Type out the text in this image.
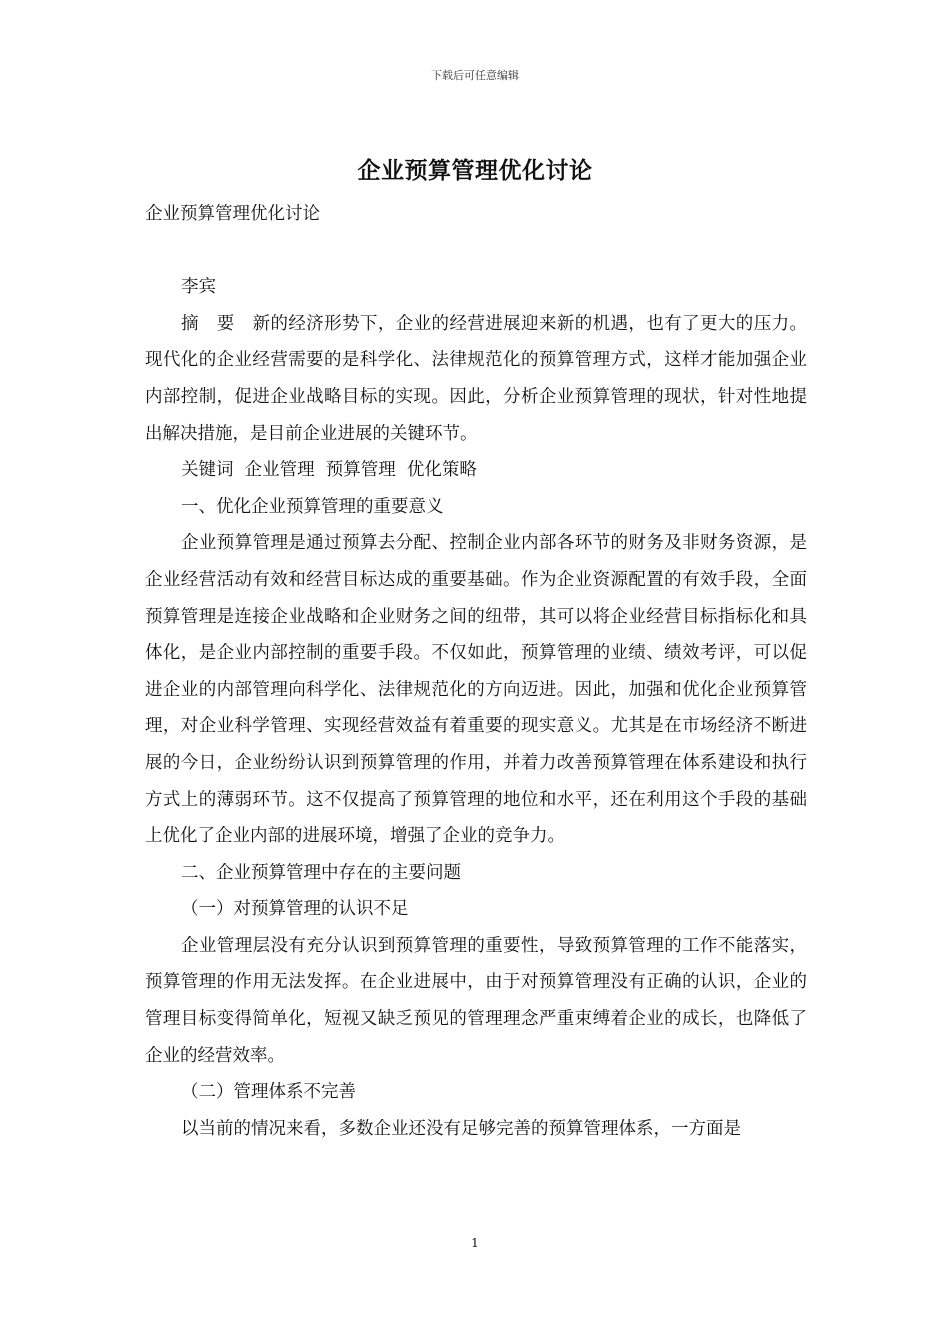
下载后可任意编辑
企业预算管理优化讨论

企业预算管理优化讨论

李宾

摘　要　新的经济形势下，企业的经营进展迎来新的机遇，也有了更大的压力。现代化的企业经营需要的是科学化、法律规范化的预算管理方式，这样才能加强企业内部控制，促进企业战略目标的实现。因此，分析企业预算管理的现状，针对性地提出解决措施，是目前企业进展的关键环节。

关键词  企业管理  预算管理  优化策略

一、优化企业预算管理的重要意义

企业预算管理是通过预算去分配、控制企业内部各环节的财务及非财务资源，是企业经营活动有效和经营目标达成的重要基础。作为企业资源配置的有效手段，全面预算管理是连接企业战略和企业财务之间的纽带，其可以将企业经营目标指标化和具体化，是企业内部控制的重要手段。不仅如此，预算管理的业绩、绩效考评，可以促进企业的内部管理向科学化、法律规范化的方向迈进。因此，加强和优化企业预算管理，对企业科学管理、实现经营效益有着重要的现实意义。尤其是在市场经济不断进展的今日，企业纷纷认识到预算管理的作用，并着力改善预算管理在体系建设和执行方式上的薄弱环节。这不仅提高了预算管理的地位和水平，还在利用这个手段的基础上优化了企业内部的进展环境，增强了企业的竞争力。

二、企业预算管理中存在的主要问题

（一）对预算管理的认识不足

企业管理层没有充分认识到预算管理的重要性，导致预算管理的工作不能落实，预算管理的作用无法发挥。在企业进展中，由于对预算管理没有正确的认识，企业的管理目标变得简单化，短视又缺乏预见的管理理念严重束缚着企业的成长，也降低了企业的经营效率。

（二）管理体系不完善

以当前的情况来看，多数企业还没有足够完善的预算管理体系，一方面是

1
